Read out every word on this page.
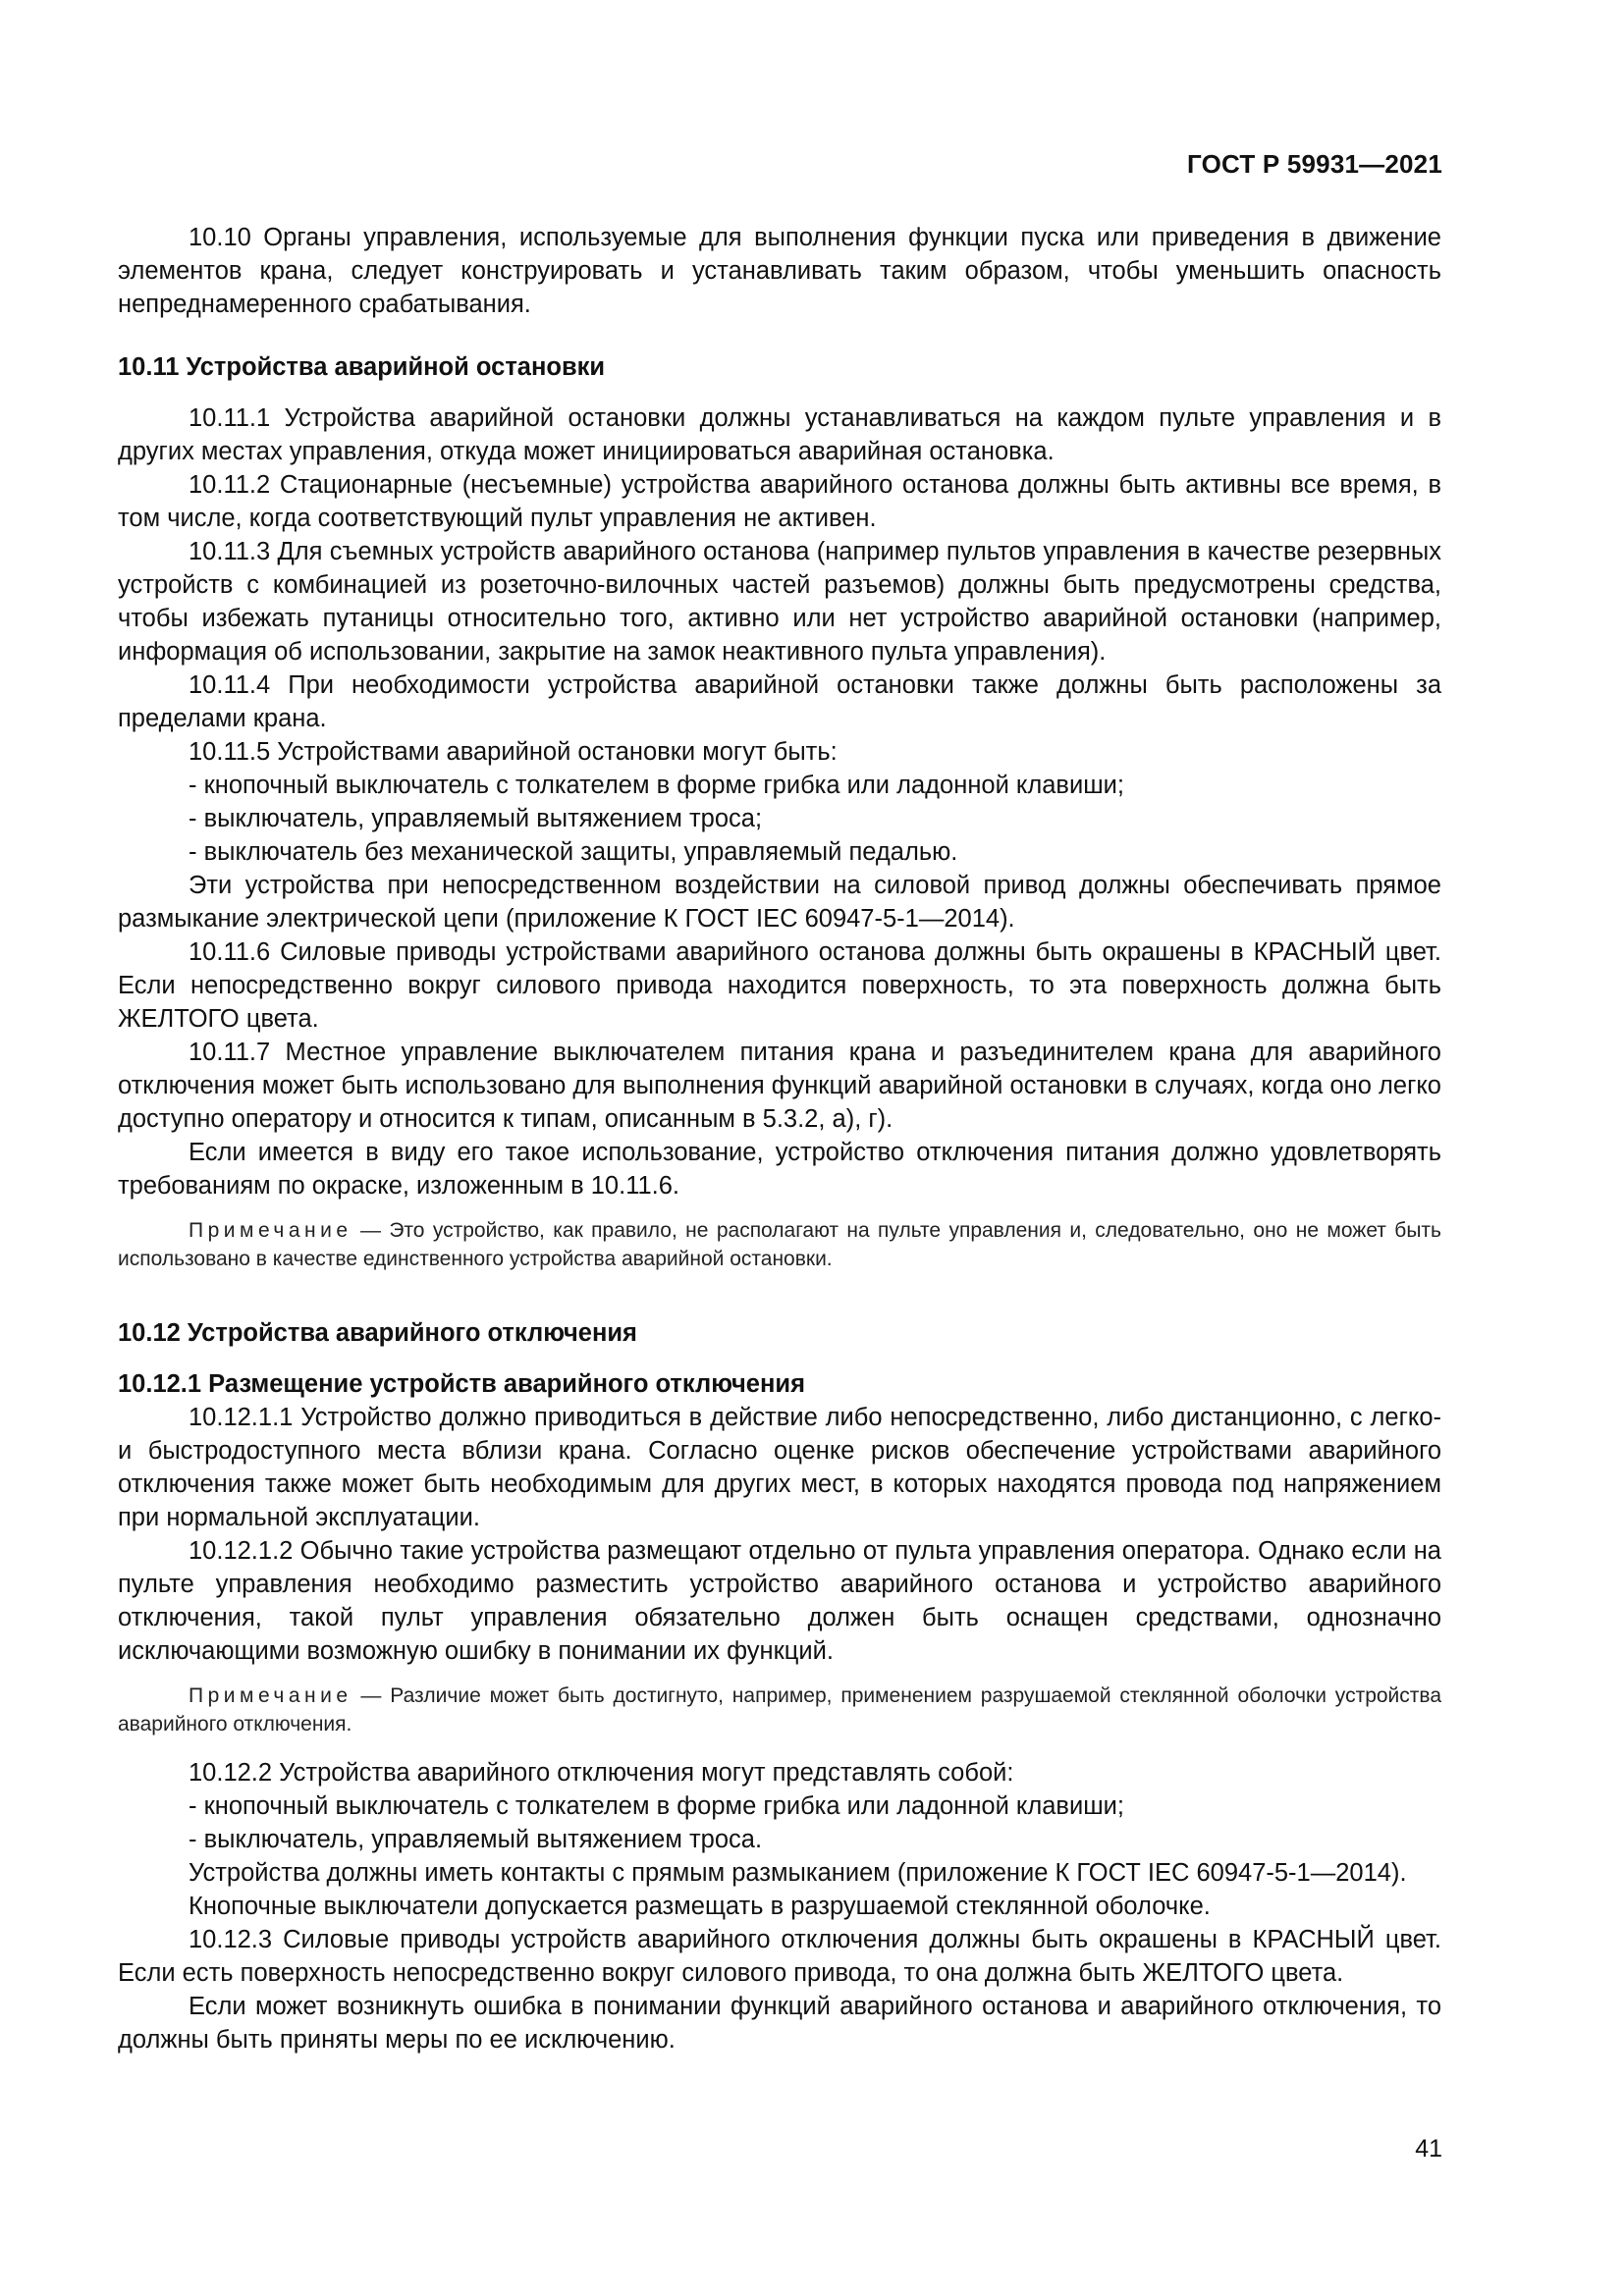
ГОСТ Р 59931—2021

10.10 Органы управления, используемые для выполнения функции пуска или приведения в движение элементов крана, следует конструировать и устанавливать таким образом, чтобы уменьшить опасность непреднамеренного срабатывания.

10.11 Устройства аварийной остановки

10.11.1 Устройства аварийной остановки должны устанавливаться на каждом пульте управления и в других местах управления, откуда может инициироваться аварийная остановка.

10.11.2 Стационарные (несъемные) устройства аварийного останова должны быть активны все время, в том числе, когда соответствующий пульт управления не активен.

10.11.3 Для съемных устройств аварийного останова (например пультов управления в качестве резервных устройств с комбинацией из розеточно-вилочных частей разъемов) должны быть предусмотрены средства, чтобы избежать путаницы относительно того, активно или нет устройство аварийной остановки (например, информация об использовании, закрытие на замок неактивного пульта управления).

10.11.4 При необходимости устройства аварийной остановки также должны быть расположены за пределами крана.

10.11.5 Устройствами аварийной остановки могут быть:

- кнопочный выключатель с толкателем в форме грибка или ладонной клавиши;

- выключатель, управляемый вытяжением троса;

- выключатель без механической защиты, управляемый педалью.

Эти устройства при непосредственном воздействии на силовой привод должны обеспечивать прямое размыкание электрической цепи (приложение К ГОСТ IEC 60947-5-1—2014).

10.11.6 Силовые приводы устройствами аварийного останова должны быть окрашены в КРАСНЫЙ цвет. Если непосредственно вокруг силового привода находится поверхность, то эта поверхность должна быть ЖЕЛТОГО цвета.

10.11.7 Местное управление выключателем питания крана и разъединителем крана для аварийного отключения может быть использовано для выполнения функций аварийной остановки в случаях, когда оно легко доступно оператору и относится к типам, описанным в 5.3.2, а), г).

Если имеется в виду его такое использование, устройство отключения питания должно удовлетворять требованиям по окраске, изложенным в 10.11.6.

Примечание — Это устройство, как правило, не располагают на пульте управления и, следовательно, оно не может быть использовано в качестве единственного устройства аварийной остановки.

10.12 Устройства аварийного отключения

10.12.1 Размещение устройств аварийного отключения

10.12.1.1 Устройство должно приводиться в действие либо непосредственно, либо дистанционно, с легко- и быстродоступного места вблизи крана. Согласно оценке рисков обеспечение устройствами аварийного отключения также может быть необходимым для других мест, в которых находятся провода под напряжением при нормальной эксплуатации.

10.12.1.2 Обычно такие устройства размещают отдельно от пульта управления оператора. Однако если на пульте управления необходимо разместить устройство аварийного останова и устройство аварийного отключения, такой пульт управления обязательно должен быть оснащен средствами, однозначно исключающими возможную ошибку в понимании их функций.

Примечание — Различие может быть достигнуто, например, применением разрушаемой стеклянной оболочки устройства аварийного отключения.

10.12.2 Устройства аварийного отключения могут представлять собой:

- кнопочный выключатель с толкателем в форме грибка или ладонной клавиши;

- выключатель, управляемый вытяжением троса.

Устройства должны иметь контакты с прямым размыканием (приложение К ГОСТ IEC 60947-5-1—2014).

Кнопочные выключатели допускается размещать в разрушаемой стеклянной оболочке.

10.12.3 Силовые приводы устройств аварийного отключения должны быть окрашены в КРАСНЫЙ цвет. Если есть поверхность непосредственно вокруг силового привода, то она должна быть ЖЕЛТОГО цвета.

Если может возникнуть ошибка в понимании функций аварийного останова и аварийного отключения, то должны быть приняты меры по ее исключению.

41
